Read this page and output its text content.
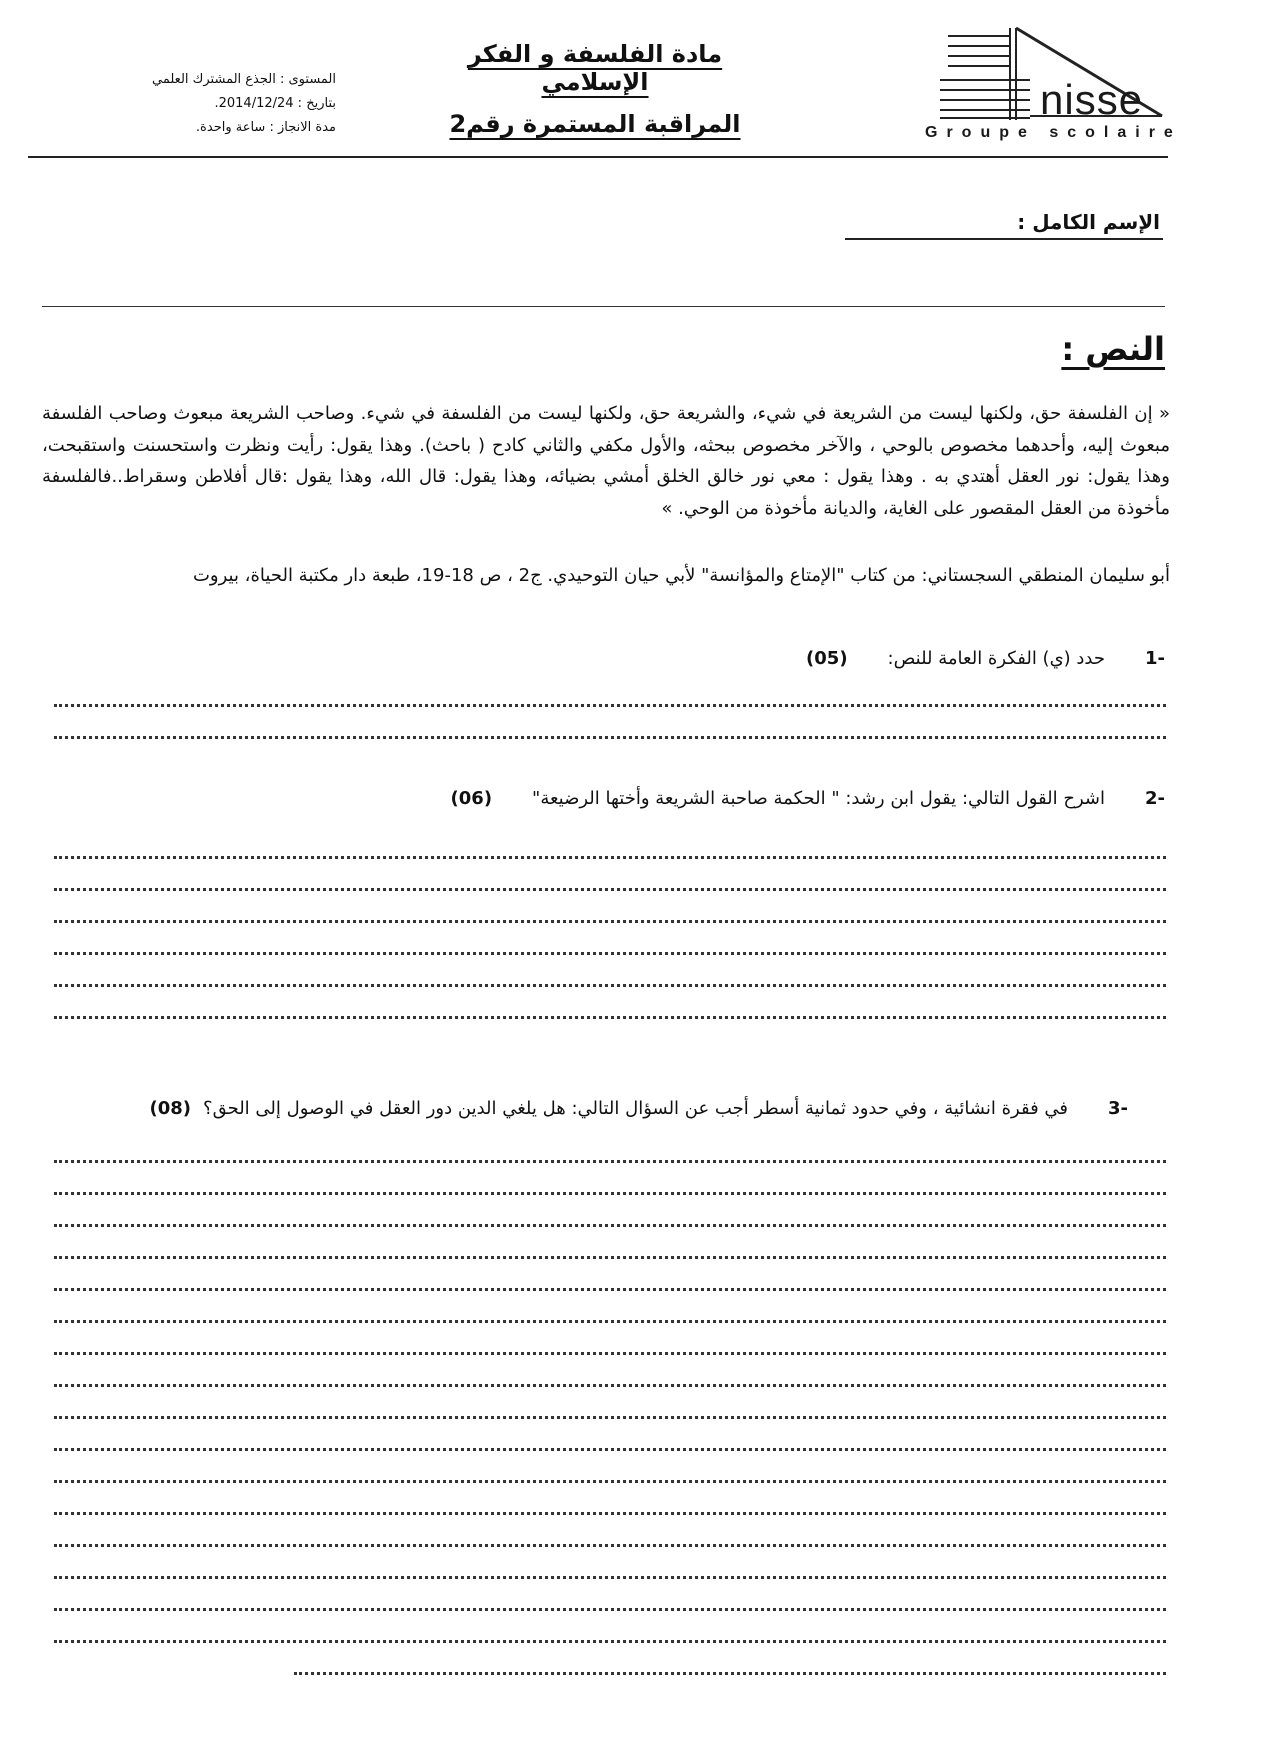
nisse
Groupe scolaire
مادة الفلسفة و الفكر الإسلامي
المراقبة المستمرة رقم2
المستوى : الجذع المشترك العلمي
بتاريخ : 2014/12/24.
مدة الانجاز : ساعة واحدة.
الإسم الكامل :
النص :

« إن الفلسفة حق، ولكنها ليست من الشريعة في شيء، والشريعة حق، ولكنها ليست من الفلسفة في شيء. وصاحب الشريعة مبعوث وصاحب الفلسفة مبعوث إليه، وأحدهما مخصوص بالوحي ، والآخر مخصوص ببحثه، والأول مكفي والثاني كادح ( باحث). وهذا يقول: رأيت ونظرت واستحسنت واستقبحت، وهذا يقول: نور العقل أهتدي به . وهذا يقول : معي نور خالق الخلق أمشي بضيائه، وهذا يقول: قال الله، وهذا يقول :قال أفلاطن وسقراط..فالفلسفة مأخوذة من العقل المقصور على الغاية، والديانة مأخوذة من الوحي. »

أبو سليمان المنطقي السجستاني: من كتاب "الإمتاع والمؤانسة" لأبي حيان التوحيدي. ج2 ، ص 18-19، طبعة دار مكتبة الحياة، بيروت

-1حدد (ي) الفكرة العامة للنص:(05)
-2اشرح القول التالي: يقول ابن رشد: " الحكمة صاحبة الشريعة وأختها الرضيعة"(06)
-3في فقرة انشائية ، وفي حدود ثمانية أسطر أجب عن السؤال التالي: هل يلغي الدين دور العقل في الوصول إلى الحق؟(08)
